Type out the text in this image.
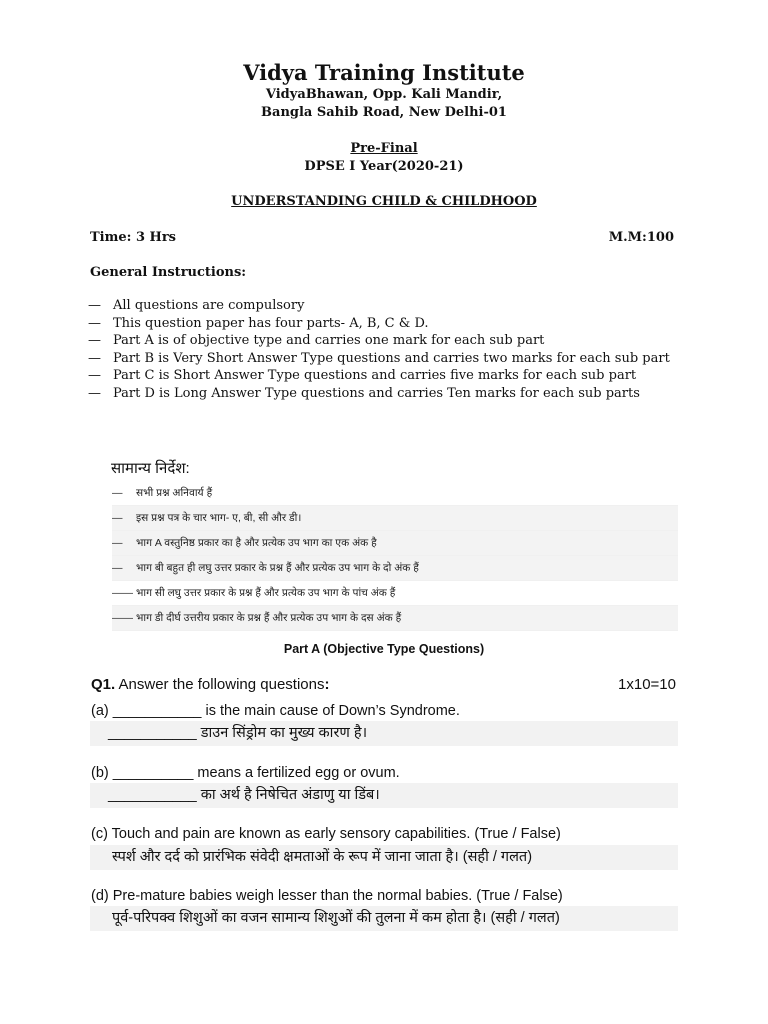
Vidya Training Institute
VidyaBhawan, Opp. Kali Mandir,
Bangla Sahib Road, New Delhi-01
Pre-Final
DPSE I Year(2020-21)
UNDERSTANDING CHILD & CHILDHOOD
Time: 3 Hrs	M.M:100
General Instructions:
— All questions are compulsory
— This question paper has four parts- A, B, C & D.
— Part A is of objective type and carries one mark for each sub part
— Part B is Very Short Answer Type questions and carries two marks for each sub part
— Part C is Short Answer Type questions and carries five marks for each sub part
— Part D is Long Answer Type questions and carries Ten marks for each sub parts
सामान्य निर्देश:
—	सभी प्रश्न अनिवार्य हैं
—	इस प्रश्न पत्र के चार भाग- ए, बी, सी और डी।
—	भाग A वस्तुनिष्ठ प्रकार का है और प्रत्येक उप भाग का एक अंक है
—	भाग बी बहुत ही लघु उत्तर प्रकार के प्रश्न हैं और प्रत्येक उप भाग के दो अंक हैं
—— भाग सी लघु उत्तर प्रकार के प्रश्न हैं और प्रत्येक उप भाग के पांच अंक हैं
—— भाग डी दीर्घ उत्तरीय प्रकार के प्रश्न हैं और प्रत्येक उप भाग के दस अंक हैं
Part A (Objective Type Questions)
Q1. Answer the following questions:	1x10=10
(a) ___________ is the main cause of Down’s Syndrome.
___________ डाउन सिंड्रोम का मुख्य कारण है।
(b) __________ means a fertilized egg or ovum.
___________ का अर्थ है निषेचित अंडाणु या डिंब।
(c) Touch and pain are known as early sensory capabilities. (True / False)
स्पर्श और दर्द को प्रारंभिक संवेदी क्षमताओं के रूप में जाना जाता है। (सही / गलत)
(d) Pre-mature babies weigh lesser than the normal babies. (True / False)
पूर्व-परिपक्व शिशुओं का वजन सामान्य शिशुओं की तुलना में कम होता है। (सही / गलत)
